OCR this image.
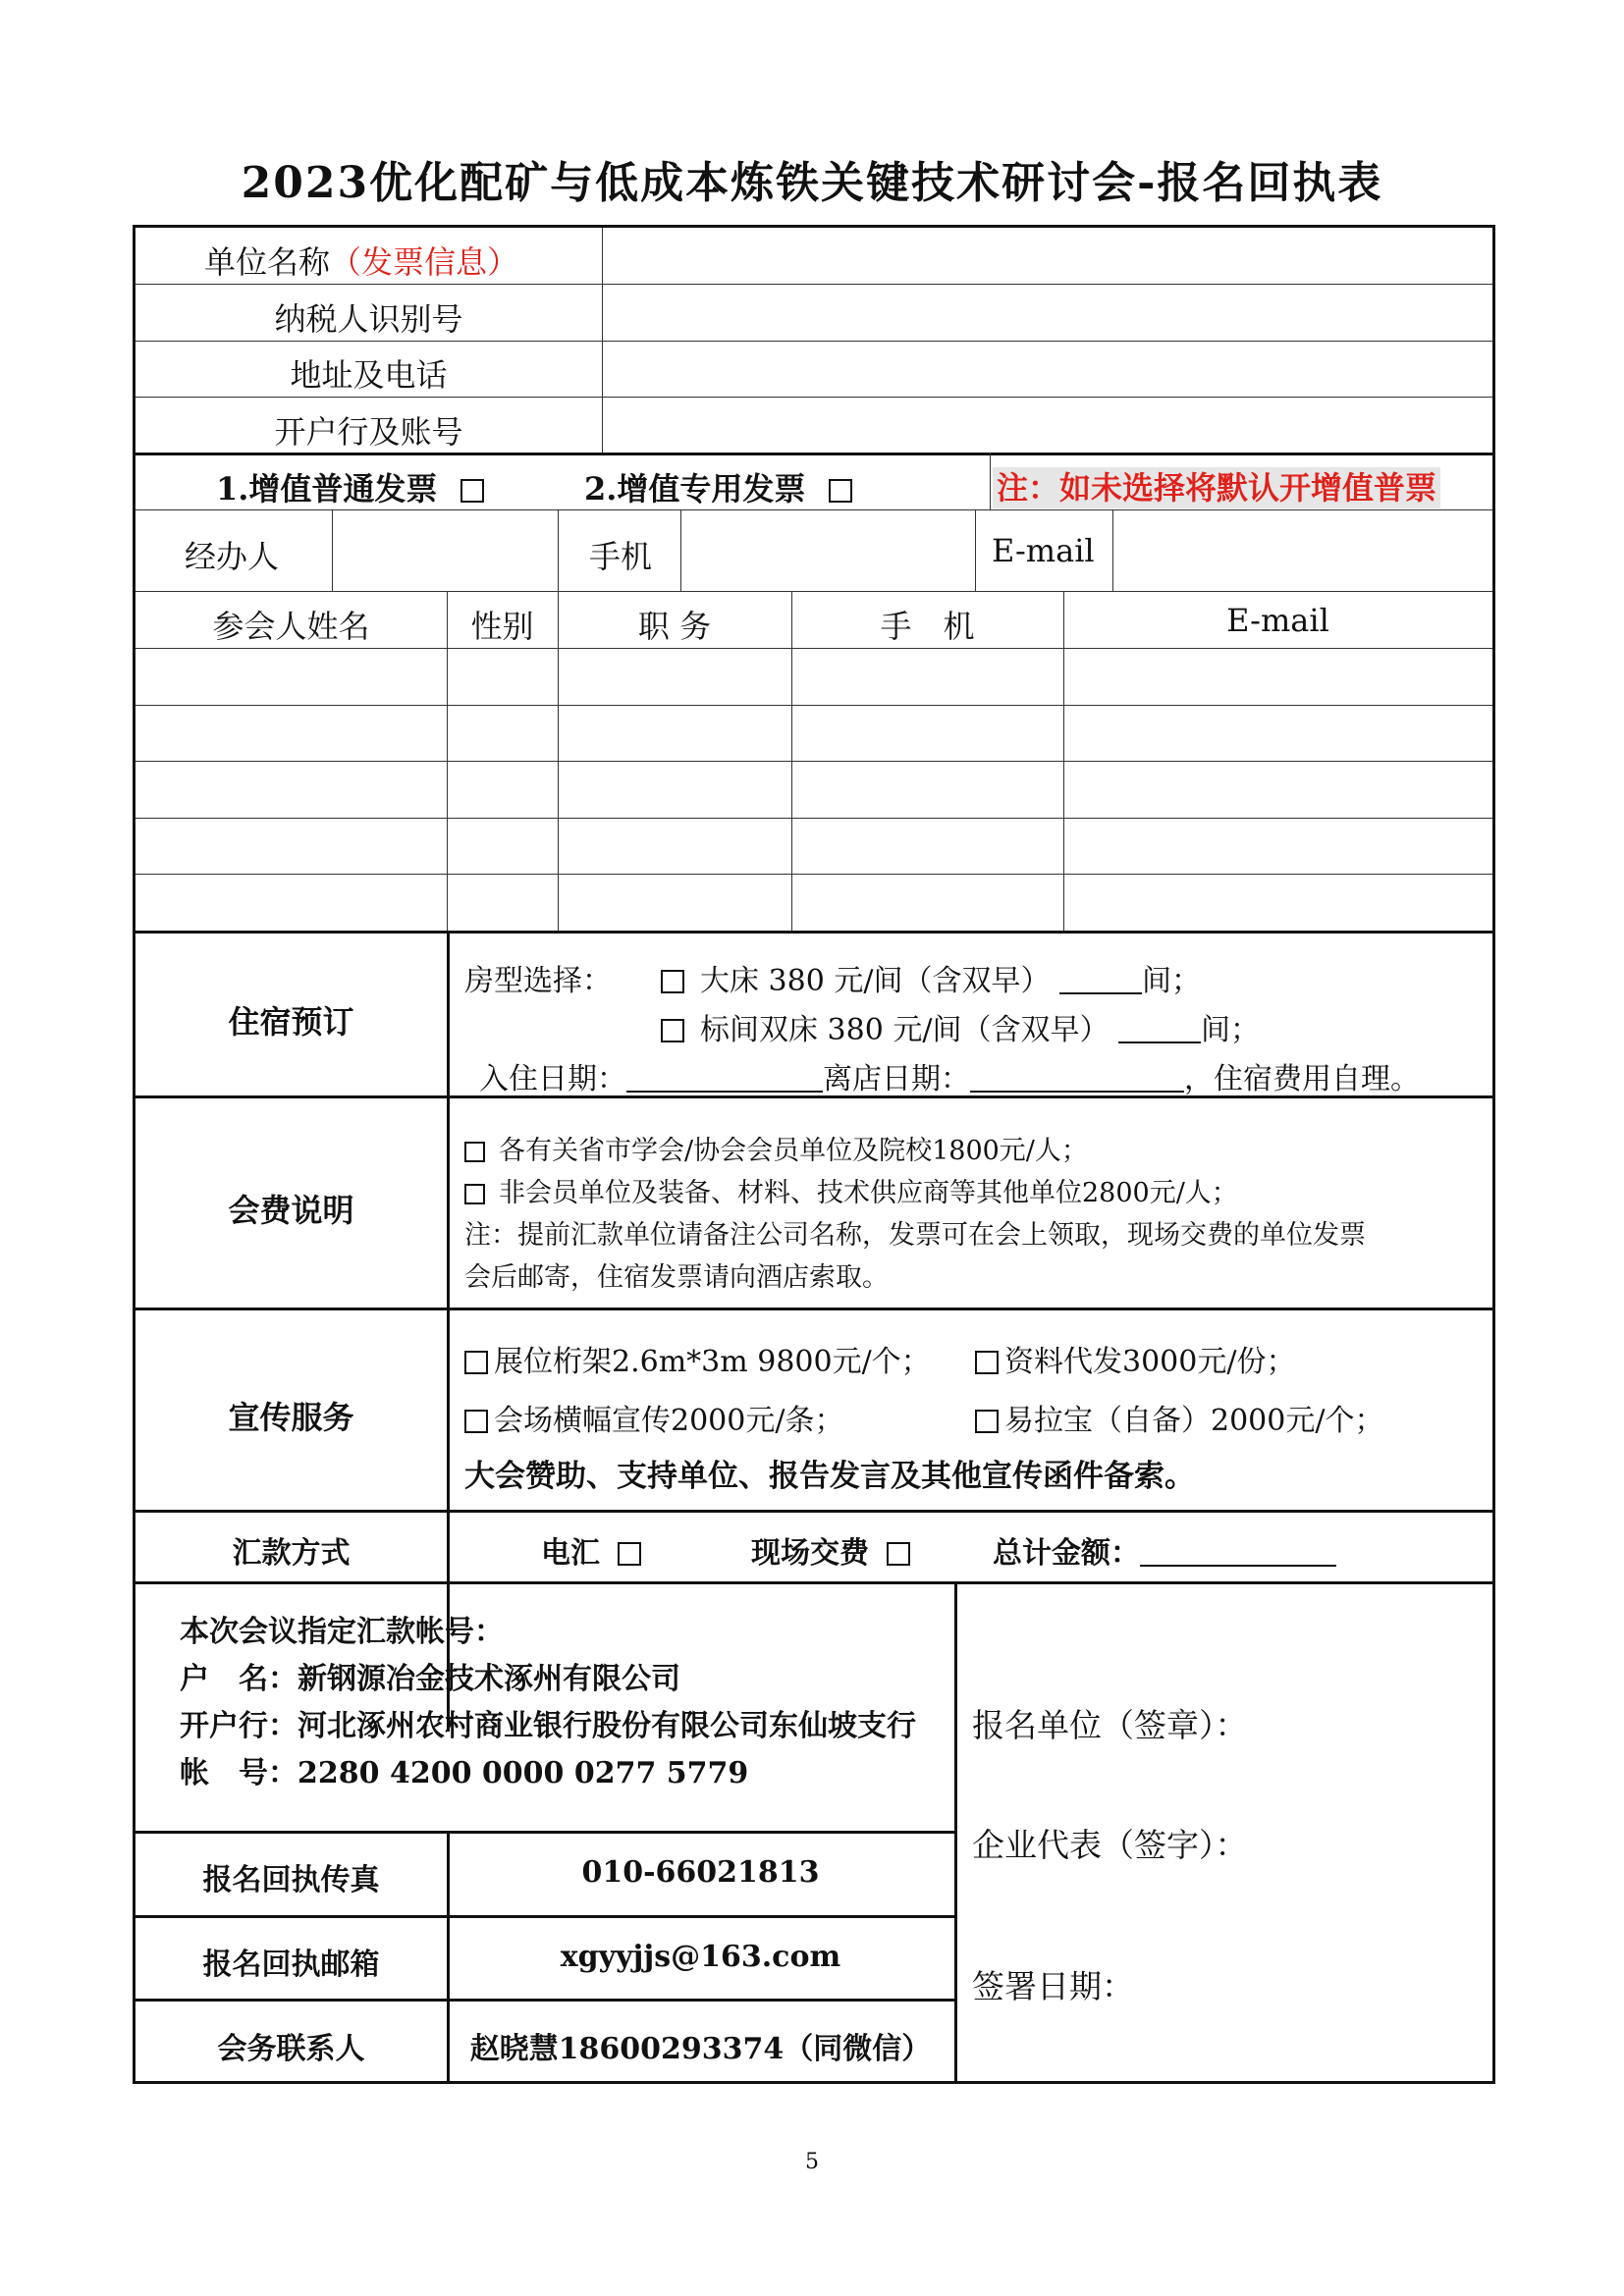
2023优化配矿与低成本炼铁关键技术研讨会-报名回执表
单位名称（发票信息）
纳税人识别号
地址及电话
开户行及账号
1.增值普通发票	2.增值专用发票	注：如未选择将默认开增值普票
经办人	手机	E-mail
参会人姓名	性别	职 务	手　机	E-mail
住宿预订
房型选择：	大床 380 元/间（含双早）	间；
标间双床 380 元/间（含双早）	间；
入住日期：	离店日期：	，住宿费用自理。
会费说明
各有关省市学会/协会会员单位及院校1800元/人；
非会员单位及装备、材料、技术供应商等其他单位2800元/人；
注：提前汇款单位请备注公司名称，发票可在会上领取，现场交费的单位发票
会后邮寄，住宿发票请向酒店索取。
宣传服务
展位桁架2.6m*3m 9800元/个；	资料代发3000元/份；
会场横幅宣传2000元/条；	易拉宝（自备）2000元/个；
大会赞助、支持单位、报告发言及其他宣传函件备索。
汇款方式	电汇	现场交费	总计金额：
本次会议指定汇款帐号：
户　名：新钢源冶金技术涿州有限公司
开户行：河北涿州农村商业银行股份有限公司东仙坡支行
帐　号：2280 4200 0000 0277 5779
报名回执传真	010-66021813
报名回执邮箱	xgyyjjs@163.com
会务联系人	赵晓慧18600293374（同微信）
报名单位（签章）：
企业代表（签字）：
签署日期：
5
